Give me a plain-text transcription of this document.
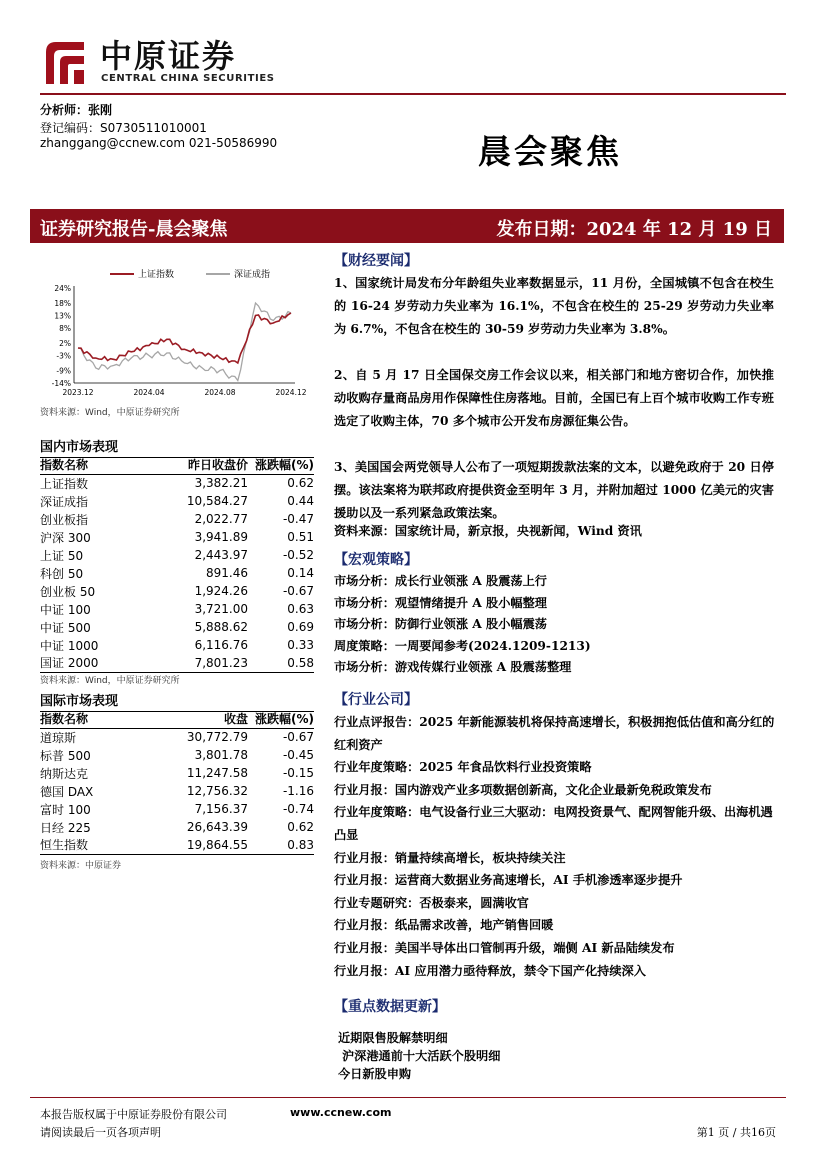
中原证券
CENTRAL CHINA SECURITIES
分析师：张刚
登记编码：S0730511010001
zhanggang@ccnew.com 021-50586990	晨会聚焦
证券研究报告-晨会聚焦	发布日期：2024 年 12 月 19 日
24%
18%
13%
8%
2%
-3%
-9%
-14%
2023.12	2024.04	2024.08	2024.12
上证指数	深证成指
资料来源：Wind，中原证券研究所
国内市场表现
指数名称	昨日收盘价	涨跌幅(%)
上证指数	3,382.21	0.62
深证成指	10,584.27	0.44
创业板指	2,022.77	-0.47
沪深 300	3,941.89	0.51
上证 50	2,443.97	-0.52
科创 50	891.46	0.14
创业板 50	1,924.26	-0.67
中证 100	3,721.00	0.63
中证 500	5,888.62	0.69
中证 1000	6,116.76	0.33
国证 2000	7,801.23	0.58
资料来源：Wind，中原证券研究所
国际市场表现
指数名称	收盘	涨跌幅(%)
道琼斯	30,772.79	-0.67
标普 500	3,801.78	-0.45
纳斯达克	11,247.58	-0.15
德国 DAX	12,756.32	-1.16
富时 100	7,156.37	-0.74
日经 225	26,643.39	0.62
恒生指数	19,864.55	0.83
资料来源：中原证券
【财经要闻】
1、国家统计局发布分年龄组失业率数据显示，11 月份，全国城镇不包含在校生的 16-24 岁劳动力失业率为 16.1%，不包含在校生的 25-29 岁劳动力失业率为 6.7%，不包含在校生的 30-59 岁劳动力失业率为 3.8%。
2、自 5 月 17 日全国保交房工作会议以来，相关部门和地方密切合作，加快推动收购存量商品房用作保障性住房落地。目前，全国已有上百个城市收购工作专班选定了收购主体，70 多个城市公开发布房源征集公告。
3、美国国会两党领导人公布了一项短期拨款法案的文本，以避免政府于 20 日停摆。该法案将为联邦政府提供资金至明年 3 月，并附加超过 1000 亿美元的灾害援助以及一系列紧急政策法案。
资料来源：国家统计局，新京报，央视新闻，Wind 资讯
【宏观策略】
市场分析：成长行业领涨 A 股震荡上行
市场分析：观望情绪提升 A 股小幅整理
市场分析：防御行业领涨 A 股小幅震荡
周度策略：一周要闻参考(2024.1209-1213)
市场分析：游戏传媒行业领涨 A 股震荡整理
【行业公司】
行业点评报告：2025 年新能源装机将保持高速增长，积极拥抱低估值和高分红的红利资产
行业年度策略：2025 年食品饮料行业投资策略
行业月报：国内游戏产业多项数据创新高，文化企业最新免税政策发布
行业年度策略：电气设备行业三大驱动：电网投资景气、配网智能升级、出海机遇凸显
行业月报：销量持续高增长，板块持续关注
行业月报：运营商大数据业务高速增长，AI 手机渗透率逐步提升
行业专题研究：否极泰来，圆满收官
行业月报：纸品需求改善，地产销售回暖
行业月报：美国半导体出口管制再升级，端侧 AI 新品陆续发布
行业月报：AI 应用潜力亟待释放，禁令下国产化持续深入
【重点数据更新】
近期限售股解禁明细
沪深港通前十大活跃个股明细
今日新股申购
本报告版权属于中原证券股份有限公司	www.ccnew.com
请阅读最后一页各项声明	第1 页 / 共16页
